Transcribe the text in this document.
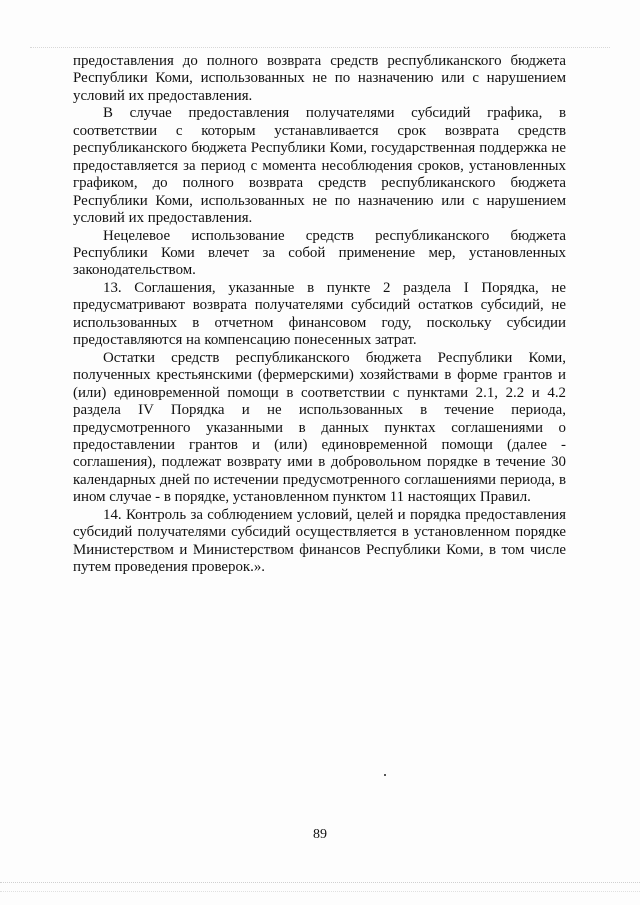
предоставления до полного возврата средств республиканского бюджета Республики Коми, использованных не по назначению или с нарушением условий их предоставления.

В случае предоставления получателями субсидий графика, в соответствии с которым устанавливается срок возврата средств республиканского бюджета Республики Коми, государственная поддержка не предоставляется за период с момента несоблюдения сроков, установленных графиком, до полного возврата средств республиканского бюджета Республики Коми, использованных не по назначению или с нарушением условий их предоставления.

Нецелевое использование средств республиканского бюджета Республики Коми влечет за собой применение мер, установленных законодательством.

13. Соглашения, указанные в пункте 2 раздела I Порядка, не предусматривают возврата получателями субсидий остатков субсидий, не использованных в отчетном финансовом году, поскольку субсидии предоставляются на компенсацию понесенных затрат.

Остатки средств республиканского бюджета Республики Коми, полученных крестьянскими (фермерскими) хозяйствами в форме грантов и (или) единовременной помощи в соответствии с пунктами 2.1, 2.2 и 4.2 раздела IV Порядка и не использованных в течение периода, предусмотренного указанными в данных пунктах соглашениями о предоставлении грантов и (или) единовременной помощи (далее - соглашения), подлежат возврату ими в добровольном порядке в течение 30 календарных дней по истечении предусмотренного соглашениями периода, в ином случае - в порядке, установленном пунктом 11 настоящих Правил.

14. Контроль за соблюдением условий, целей и порядка предоставления субсидий получателями субсидий осуществляется в установленном порядке Министерством и Министерством финансов Республики Коми, в том числе путем проведения проверок.».

89
